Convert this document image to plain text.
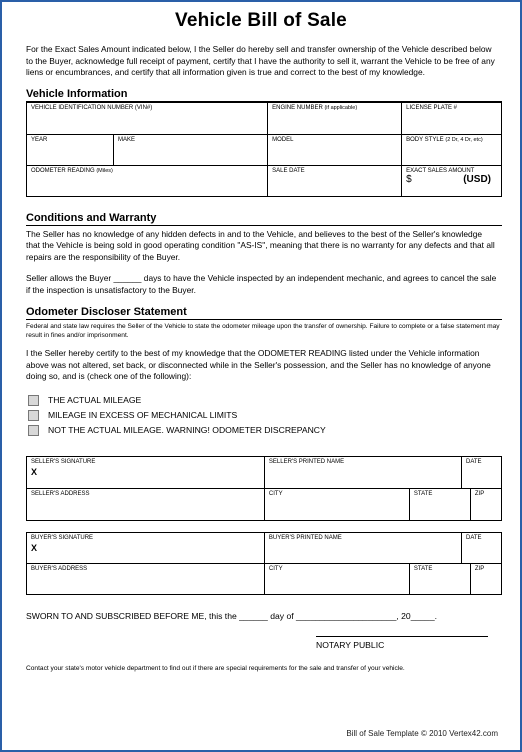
Vehicle Bill of Sale
For the Exact Sales Amount indicated below, I the Seller do hereby sell and transfer ownership of the Vehicle described below to the Buyer, acknowledge full receipt of payment, certify that I have the authority to sell it, warrant the Vehicle to be free of any liens or encumbrances, and certify that all information given is true and correct to the best of my knowledge.
Vehicle Information
VEHICLE IDENTIFICATION NUMBER (VIN#)		ENGINE NUMBER (if applicable)	LICENSE PLATE #
YEAR	MAKE	MODEL	BODY STYLE (2 Dr, 4 Dr, etc)
ODOMETER READING (Miles)		SALE DATE	EXACT SALES AMOUNT
$ (USD)
Conditions and Warranty
The Seller has no knowledge of any hidden defects in and to the Vehicle, and believes to the best of the Seller's knowledge that the Vehicle is being sold in good operating condition "AS-IS", meaning that there is no warranty for any defects and that all repairs are the responsibility of the Buyer.
Seller allows the Buyer ______ days to have the Vehicle inspected by an independent mechanic, and agrees to cancel the sale if the inspection is unsatisfactory to the Buyer.
Odometer Discloser Statement
Federal and state law requires the Seller of the Vehicle to state the odometer mileage upon the transfer of ownership. Failure to complete or a false statement may result in fines and/or imprisonment.
I the Seller hereby certify to the best of my knowledge that the ODOMETER READING listed under the Vehicle information above was not altered, set back, or disconnected while in the Seller's possession, and the Seller has no knowledge of anyone doing so, and is (check one of the following):
THE ACTUAL MILEAGE
MILEAGE IN EXCESS OF MECHANICAL LIMITS
NOT THE ACTUAL MILEAGE. WARNING! ODOMETER DISCREPANCY
SELLER'S SIGNATURE
X
	SELLER'S PRINTED NAME	DATE
SELLER'S ADDRESS	CITY		STATE	ZIP
BUYER'S SIGNATURE
X
	BUYER'S PRINTED NAME	DATE
BUYER'S ADDRESS	CITY		STATE	ZIP
SWORN TO AND SUBSCRIBED BEFORE ME, this the ______ day of _____________________, 20_____.
NOTARY PUBLIC
Contact your state's motor vehicle department to find out if there are special requirements for the sale and transfer of your vehicle.
Bill of Sale Template © 2010 Vertex42.com
